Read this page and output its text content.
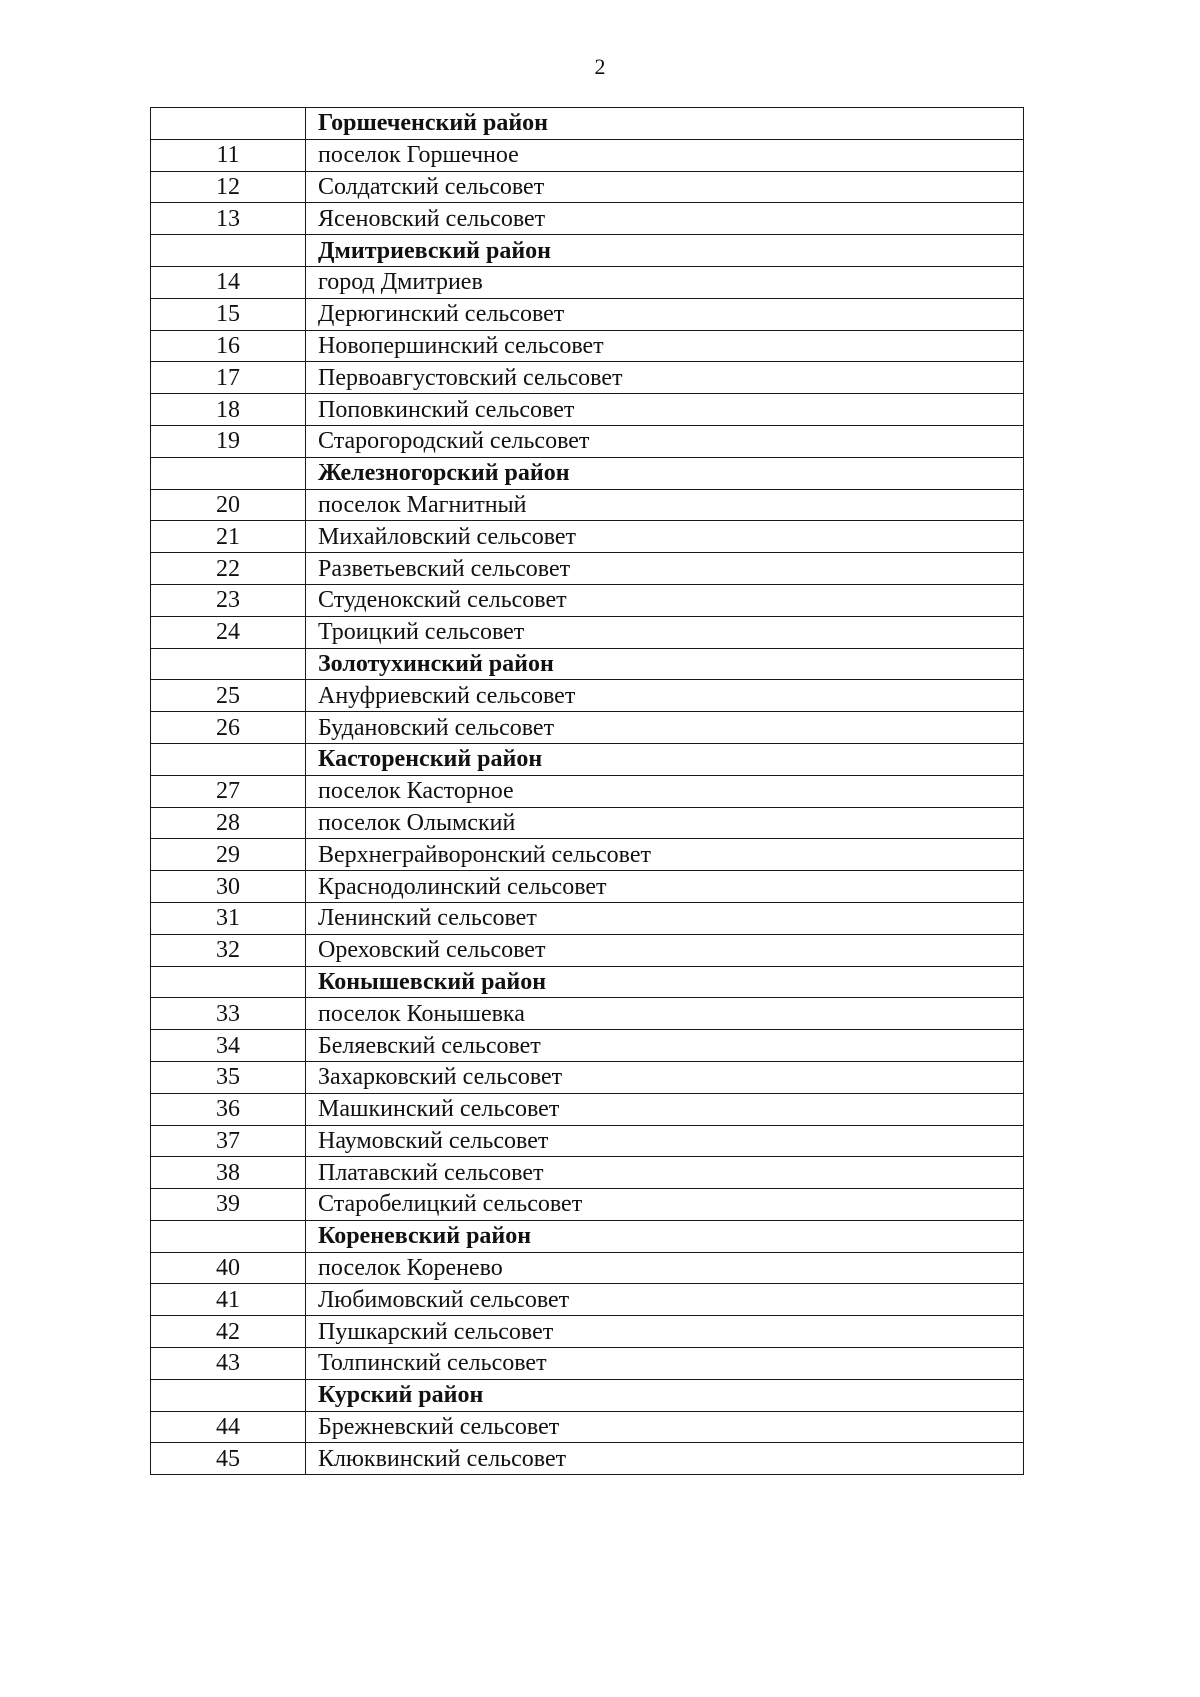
2
	Горшеченский район
11	поселок Горшечное
12	Солдатский сельсовет
13	Ясеновский сельсовет
	Дмитриевский район
14	город Дмитриев
15	Дерюгинский сельсовет
16	Новопершинский сельсовет
17	Первоавгустовский сельсовет
18	Поповкинский сельсовет
19	Старогородский сельсовет
	Железногорский район
20	поселок Магнитный
21	Михайловский сельсовет
22	Разветьевский сельсовет
23	Студенокский сельсовет
24	Троицкий сельсовет
	Золотухинский район
25	Ануфриевский сельсовет
26	Будановский сельсовет
	Касторенский район
27	поселок Касторное
28	поселок Олымский
29	Верхнеграйворонский сельсовет
30	Краснодолинский сельсовет
31	Ленинский сельсовет
32	Ореховский сельсовет
	Конышевский район
33	поселок Конышевка
34	Беляевский сельсовет
35	Захарковский сельсовет
36	Машкинский сельсовет
37	Наумовский сельсовет
38	Платавский сельсовет
39	Старобелицкий сельсовет
	Кореневский район
40	поселок Коренево
41	Любимовский сельсовет
42	Пушкарский сельсовет
43	Толпинский сельсовет
	Курский район
44	Брежневский сельсовет
45	Клюквинский сельсовет
